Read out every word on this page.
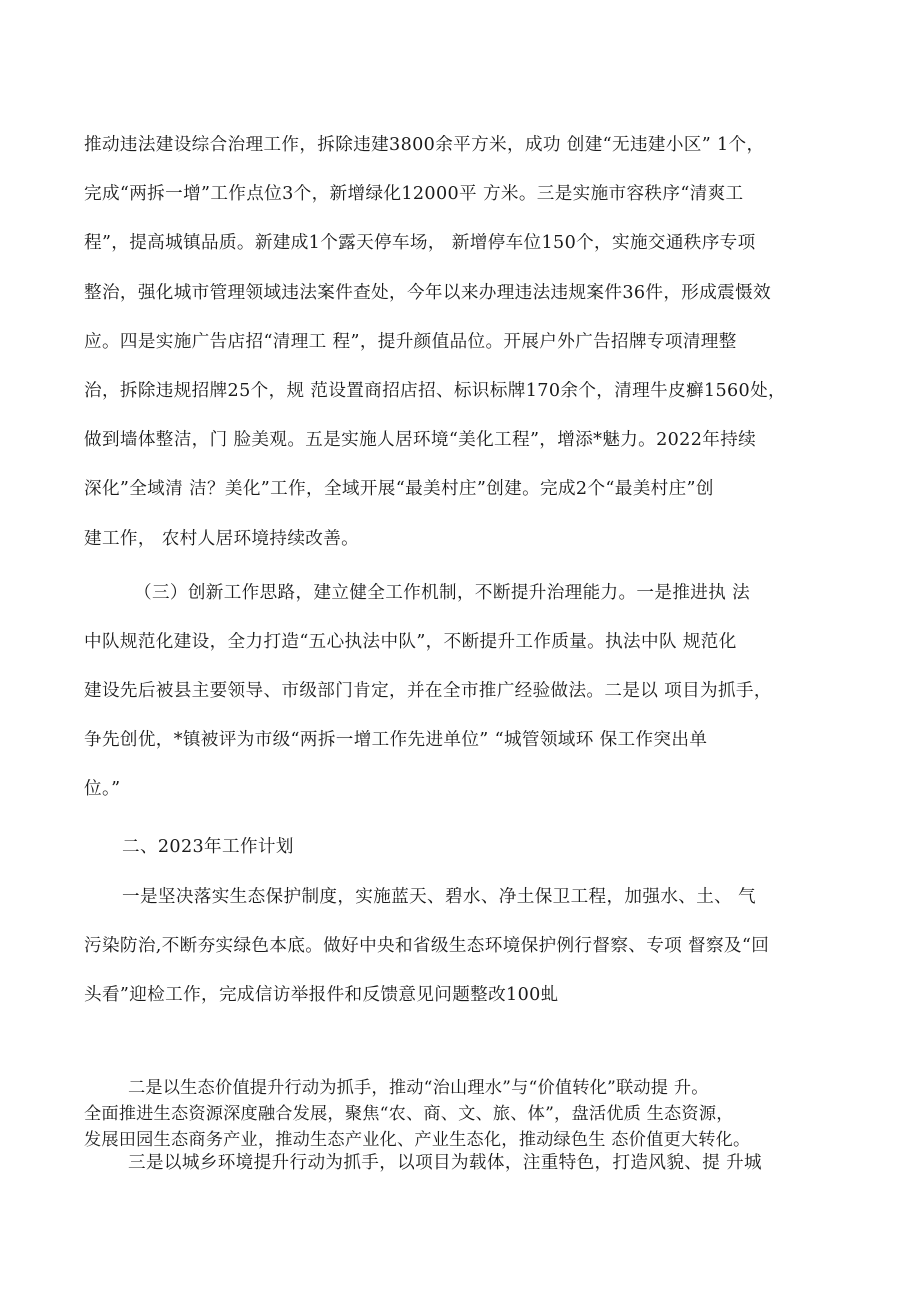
推动违法建设综合治理工作，拆除违建3800余平方米，成功 创建“无违建小区” 1个，
完成“两拆一增”工作点位3个，新增绿化12000平 方米。三是实施市容秩序“清爽工
程”，提高城镇品质。新建成1个露天停车场， 新增停车位150个，实施交通秩序专项
整治，强化城市管理领域违法案件查处，今年以来办理违法违规案件36件，形成震慑效
应。四是实施广告店招“清理工 程”，提升颜值品位。开展户外广告招牌专项清理整
治，拆除违规招牌25个，规 范设置商招店招、标识标牌170余个，清理牛皮癣1560处，
做到墙体整洁，门 脸美观。五是实施人居环境“美化工程”，增添*魅力。2022年持续
深化”全域清 洁？美化”工作，全域开展“最美村庄”创建。完成2个“最美村庄”创
建工作， 农村人居环境持续改善。
（三）创新工作思路，建立健全工作机制，不断提升治理能力。一是推进执 法
中队规范化建设，全力打造“五心执法中队”，不断提升工作质量。执法中队 规范化
建设先后被县主要领导、市级部门肯定，并在全市推广经验做法。二是以 项目为抓手，
争先创优，*镇被评为市级“两拆一增工作先进单位” “城管领域环 保工作突出单
位。”
二、2023年工作计划
一是坚决落实生态保护制度，实施蓝天、碧水、净土保卫工程，加强水、土、 气
污染防治,不断夯实绿色本底。做好中央和省级生态环境保护例行督察、专项 督察及“回
头看”迎检工作，完成信访举报件和反馈意见问题整改100虬
二是以生态价值提升行动为抓手，推动“治山理水”与“价值转化”联动提 升。
全面推进生态资源深度融合发展，聚焦“农、商、文、旅、体”，盘活优质 生态资源，
发展田园生态商务产业，推动生态产业化、产业生态化，推动绿色生 态价值更大转化。
三是以城乡环境提升行动为抓手，以项目为载体，注重特色，打造风貌、提 升城
